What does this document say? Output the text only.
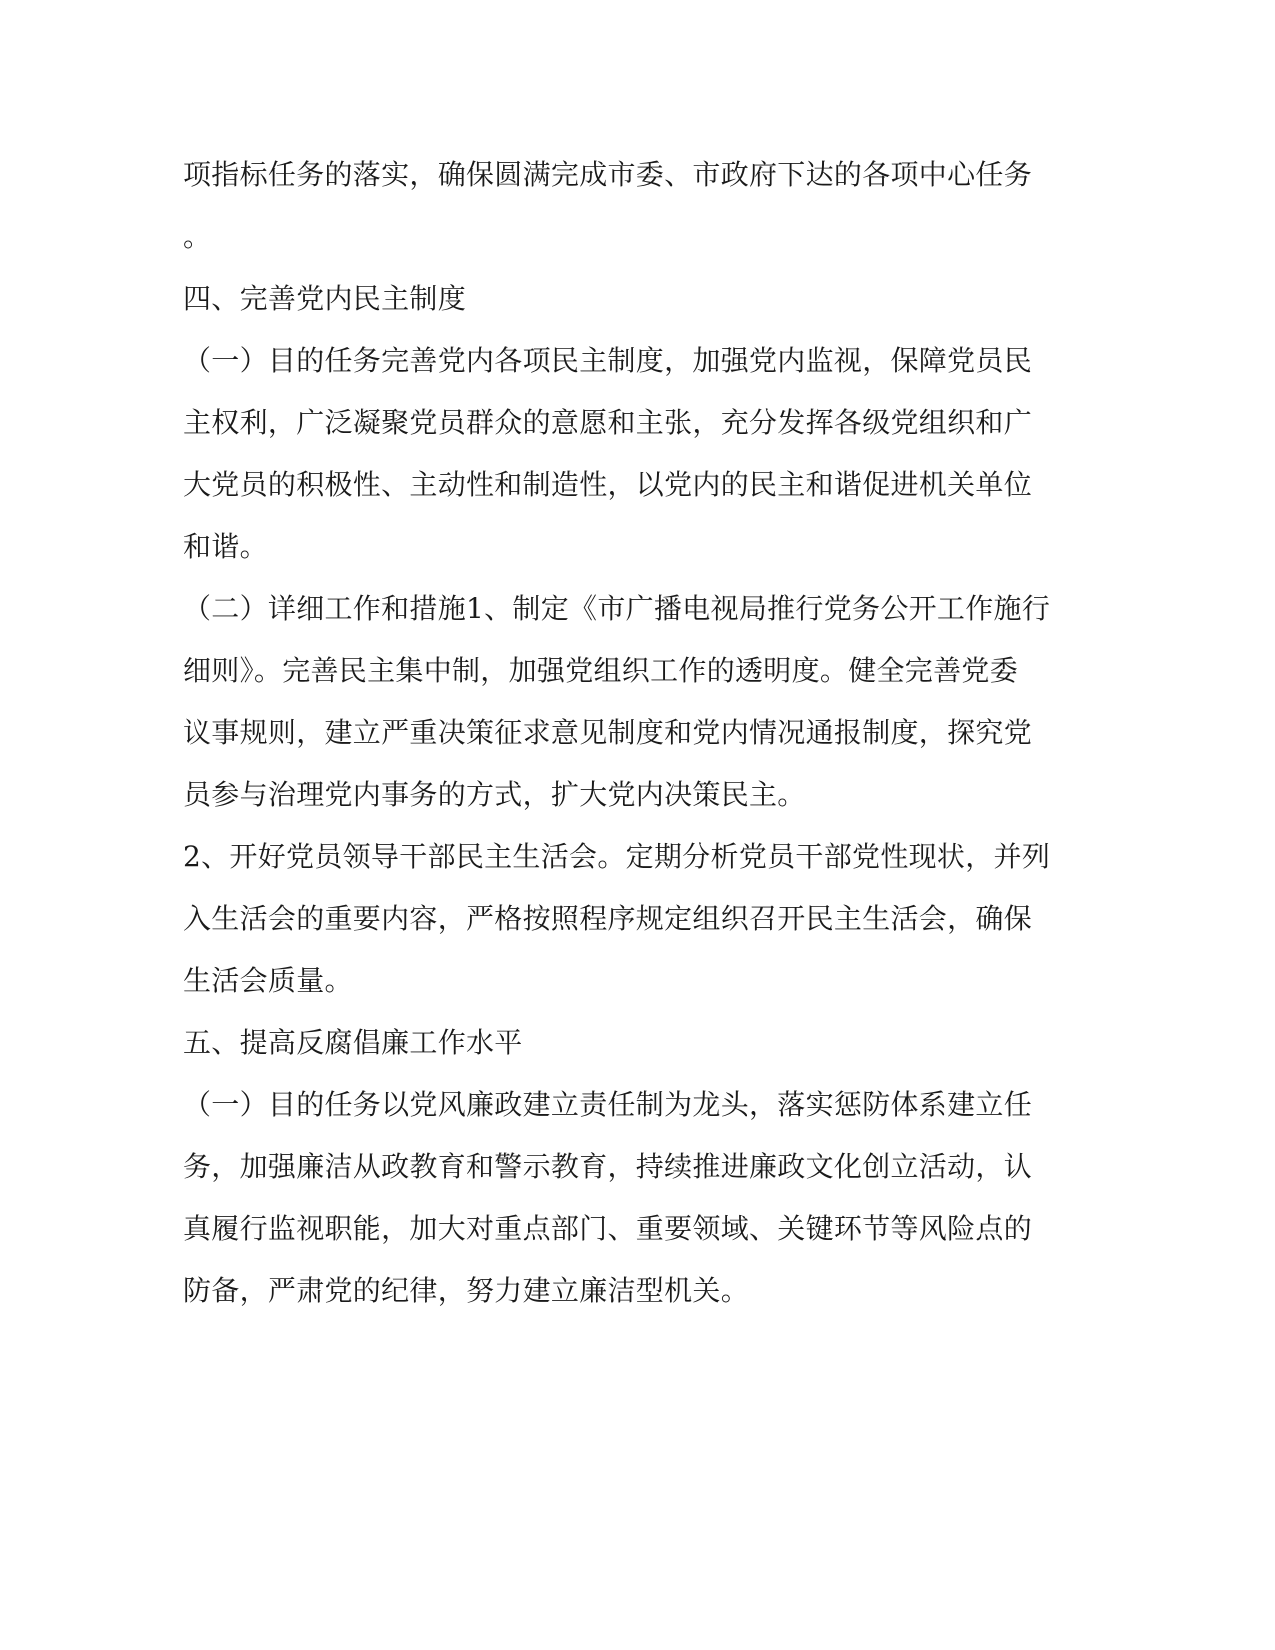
项指标任务的落实，确保圆满完成市委、市政府下达的各项中心任务
。
四、完善党内民主制度
（一）目的任务完善党内各项民主制度，加强党内监视，保障党员民
主权利，广泛凝聚党员群众的意愿和主张，充分发挥各级党组织和广
大党员的积极性、主动性和制造性，以党内的民主和谐促进机关单位
和谐。
（二）详细工作和措施1、制定《市广播电视局推行党务公开工作施行
细则》。完善民主集中制，加强党组织工作的透明度。健全完善党委
议事规则，建立严重决策征求意见制度和党内情况通报制度，探究党
员参与治理党内事务的方式，扩大党内决策民主。
2、开好党员领导干部民主生活会。定期分析党员干部党性现状，并列
入生活会的重要内容，严格按照程序规定组织召开民主生活会，确保
生活会质量。
五、提高反腐倡廉工作水平
（一）目的任务以党风廉政建立责任制为龙头，落实惩防体系建立任
务，加强廉洁从政教育和警示教育，持续推进廉政文化创立活动，认
真履行监视职能，加大对重点部门、重要领域、关键环节等风险点的
防备，严肃党的纪律，努力建立廉洁型机关。
